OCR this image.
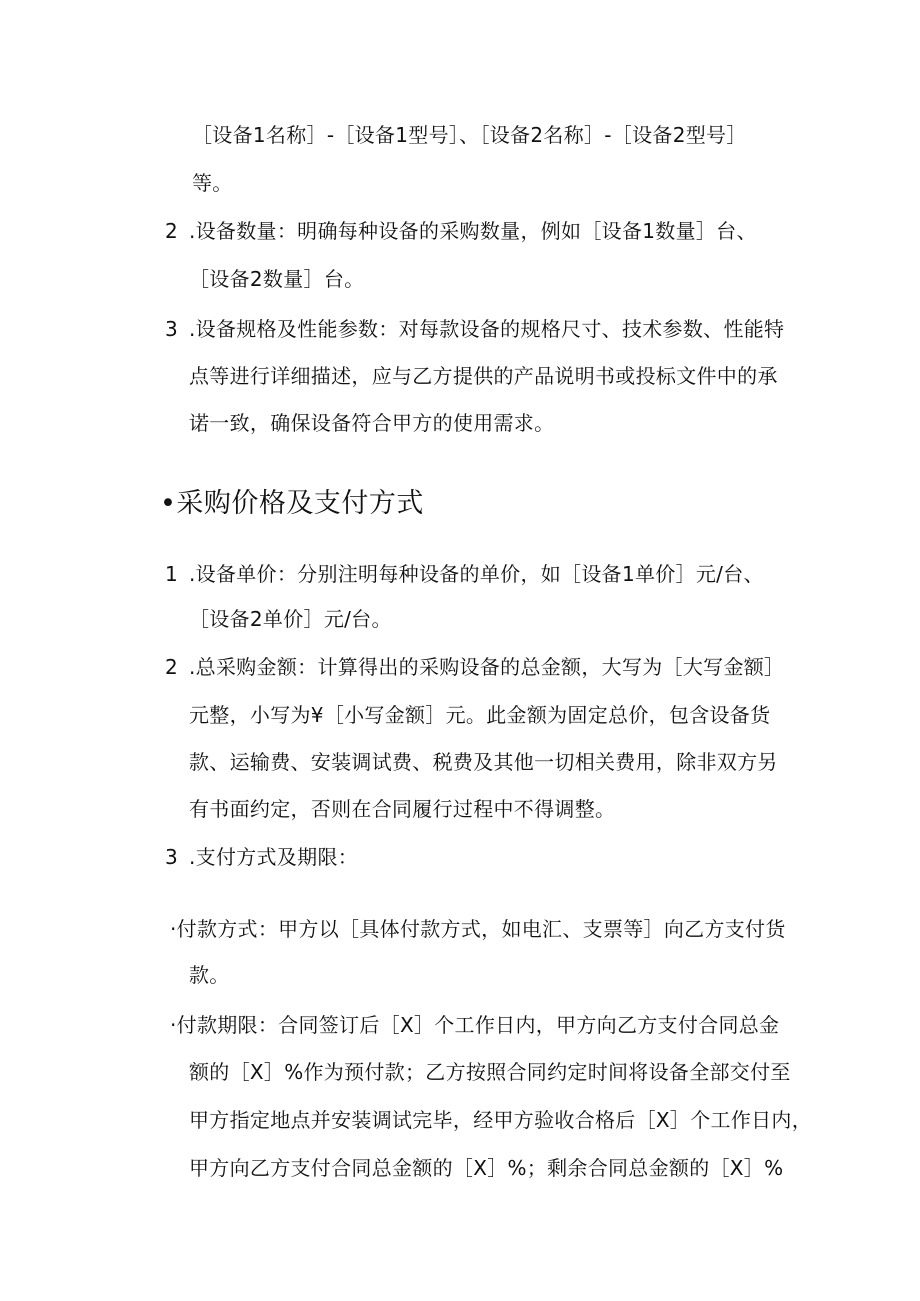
［设备1名称］-［设备1型号］、［设备2名称］-［设备2型号］
等。
2 .设备数量：明确每种设备的采购数量，例如［设备1数量］台、
［设备2数量］台。
3 .设备规格及性能参数：对每款设备的规格尺寸、技术参数、性能特
点等进行详细描述，应与乙方提供的产品说明书或投标文件中的承
诺一致，确保设备符合甲方的使用需求。
•采购价格及支付方式
1 .设备单价：分别注明每种设备的单价，如［设备1单价］元/台、
［设备2单价］元/台。
2 .总采购金额：计算得出的采购设备的总金额，大写为［大写金额］
元整，小写为¥［小写金额］元。此金额为固定总价，包含设备货
款、运输费、安装调试费、税费及其他一切相关费用，除非双方另
有书面约定，否则在合同履行过程中不得调整。
3 .支付方式及期限：
·付款方式：甲方以［具体付款方式，如电汇、支票等］向乙方支付货
款。
·付款期限：合同签订后［X］个工作日内，甲方向乙方支付合同总金
额的［X］%作为预付款；乙方按照合同约定时间将设备全部交付至
甲方指定地点并安装调试完毕，经甲方验收合格后［X］个工作日内，
甲方向乙方支付合同总金额的［X］%；剩余合同总金额的［X］%
